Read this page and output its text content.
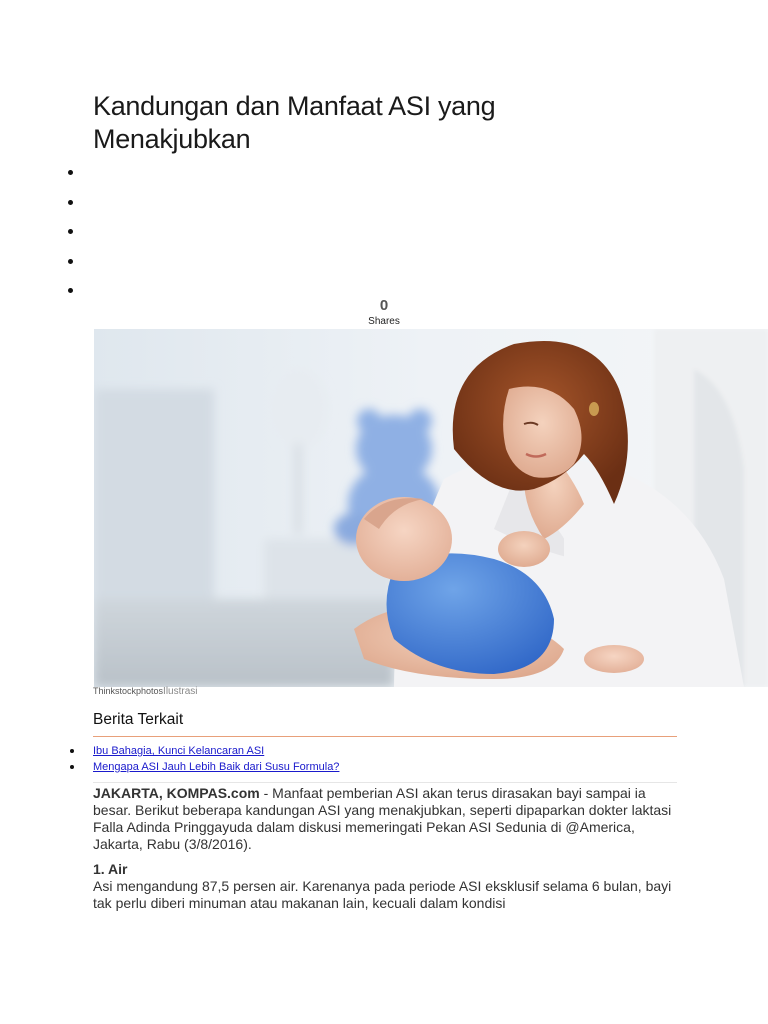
Kandungan dan Manfaat ASI yang Menakjubkan
0
Shares
ThinkstockphotosIlustrasi
Berita Terkait
Ibu Bahagia, Kunci Kelancaran ASI
Mengapa ASI Jauh Lebih Baik dari Susu Formula?

JAKARTA, KOMPAS.com - Manfaat pemberian ASI akan terus dirasakan bayi sampai ia besar. Berikut beberapa kandungan ASI yang menakjubkan, seperti dipaparkan dokter laktasi Falla Adinda Pringgayuda dalam diskusi memeringati Pekan ASI Sedunia di @America, Jakarta, Rabu (3/8/2016).

1. Air

Asi mengandung 87,5 persen air. Karenanya pada periode ASI eksklusif selama 6 bulan, bayi tak perlu diberi minuman atau makanan lain, kecuali dalam kondisi
